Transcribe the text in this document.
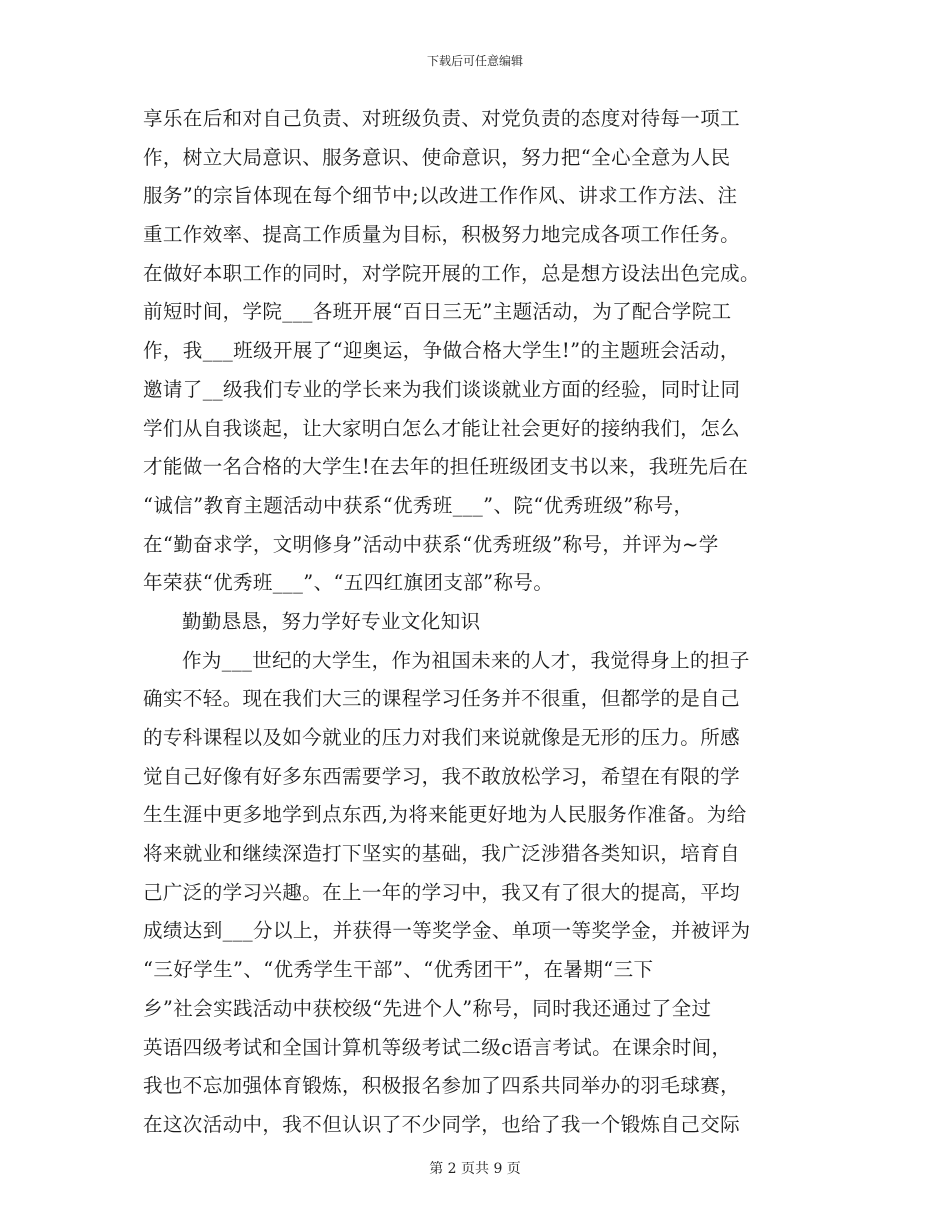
下载后可任意编辑
享乐在后和对自己负责、对班级负责、对党负责的态度对待每一项工
作，树立大局意识、服务意识、使命意识，努力把“全心全意为人民
服务”的宗旨体现在每个细节中;以改进工作作风、讲求工作方法、注
重工作效率、提高工作质量为目标，积极努力地完成各项工作任务。
在做好本职工作的同时，对学院开展的工作，总是想方设法出色完成。
前短时间，学院___各班开展“百日三无”主题活动，为了配合学院工
作，我___班级开展了“迎奥运，争做合格大学生!”的主题班会活动，
邀请了__级我们专业的学长来为我们谈谈就业方面的经验，同时让同
学们从自我谈起，让大家明白怎么才能让社会更好的接纳我们，怎么
才能做一名合格的大学生!在去年的担任班级团支书以来，我班先后在
“诚信”教育主题活动中获系“优秀班___”、院“优秀班级”称号，
在“勤奋求学，文明修身”活动中获系“优秀班级”称号，并评为~学
年荣获“优秀班___”、“五四红旗团支部”称号。
勤勤恳恳，努力学好专业文化知识
作为___世纪的大学生，作为祖国未来的人才，我觉得身上的担子
确实不轻。现在我们大三的课程学习任务并不很重，但都学的是自己
的专科课程以及如今就业的压力对我们来说就像是无形的压力。所感
觉自己好像有好多东西需要学习，我不敢放松学习，希望在有限的学
生生涯中更多地学到点东西,为将来能更好地为人民服务作准备。为给
将来就业和继续深造打下坚实的基础，我广泛涉猎各类知识，培育自
己广泛的学习兴趣。在上一年的学习中，我又有了很大的提高，平均
成绩达到___分以上，并获得一等奖学金、单项一等奖学金，并被评为
“三好学生”、“优秀学生干部”、“优秀团干”，在暑期“三下
乡”社会实践活动中获校级“先进个人”称号，同时我还通过了全过
英语四级考试和全国计算机等级考试二级c语言考试。在课余时间，
我也不忘加强体育锻炼，积极报名参加了四系共同举办的羽毛球赛，
在这次活动中，我不但认识了不少同学，也给了我一个锻炼自己交际
第 2 页共 9 页
